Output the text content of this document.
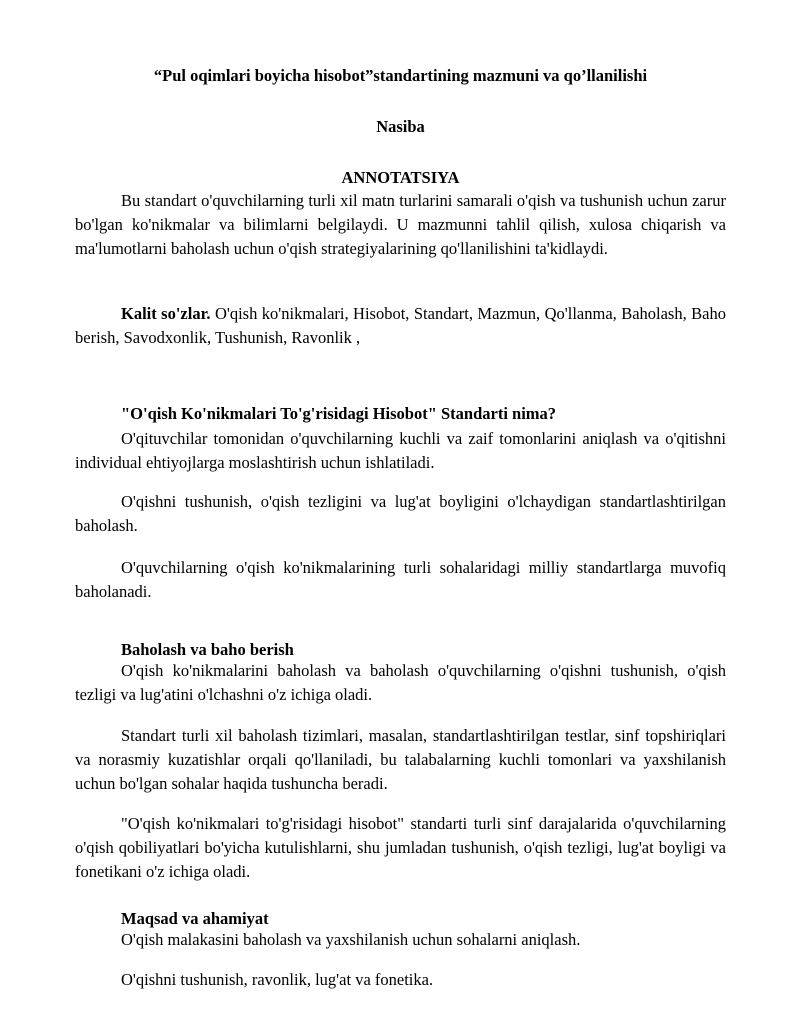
“Pul oqimlari boyicha hisobot”standartining mazmuni va qo’llanilishi
Nasiba
ANNOTATSIYA

Bu standart o'quvchilarning turli xil matn turlarini samarali o'qish va tushunish uchun zarur bo'lgan ko'nikmalar va bilimlarni belgilaydi. U mazmunni tahlil qilish, xulosa chiqarish va ma'lumotlarni baholash uchun o'qish strategiyalarining qo'llanilishini ta'kidlaydi.

Kalit so'zlar. O'qish ko'nikmalari, Hisobot, Standart, Mazmun, Qo'llanma, Baholash, Baho berish, Savodxonlik, Tushunish, Ravonlik ,

"O'qish Ko'nikmalari To'g'risidagi Hisobot" Standarti nima?

O'qituvchilar tomonidan o'quvchilarning kuchli va zaif tomonlarini aniqlash va o'qitishni individual ehtiyojlarga moslashtirish uchun ishlatiladi.

O'qishni tushunish, o'qish tezligini va lug'at boyligini o'lchaydigan standartlashtirilgan baholash.

O'quvchilarning o'qish ko'nikmalarining turli sohalaridagi milliy standartlarga muvofiq baholanadi.

Baholash va baho berish

O'qish ko'nikmalarini baholash va baholash o'quvchilarning o'qishni tushunish, o'qish tezligi va lug'atini o'lchashni o'z ichiga oladi.

Standart turli xil baholash tizimlari, masalan, standartlashtirilgan testlar, sinf topshiriqlari va norasmiy kuzatishlar orqali qo'llaniladi, bu talabalarning kuchli tomonlari va yaxshilanish uchun bo'lgan sohalar haqida tushuncha beradi.

"O'qish ko'nikmalari to'g'risidagi hisobot" standarti turli sinf darajalarida o'quvchilarning o'qish qobiliyatlari bo'yicha kutulishlarni, shu jumladan tushunish, o'qish tezligi, lug'at boyligi va fonetikani o'z ichiga oladi.

Maqsad va ahamiyat

O'qish malakasini baholash va yaxshilanish uchun sohalarni aniqlash.

O'qishni tushunish, ravonlik, lug'at va fonetika.
